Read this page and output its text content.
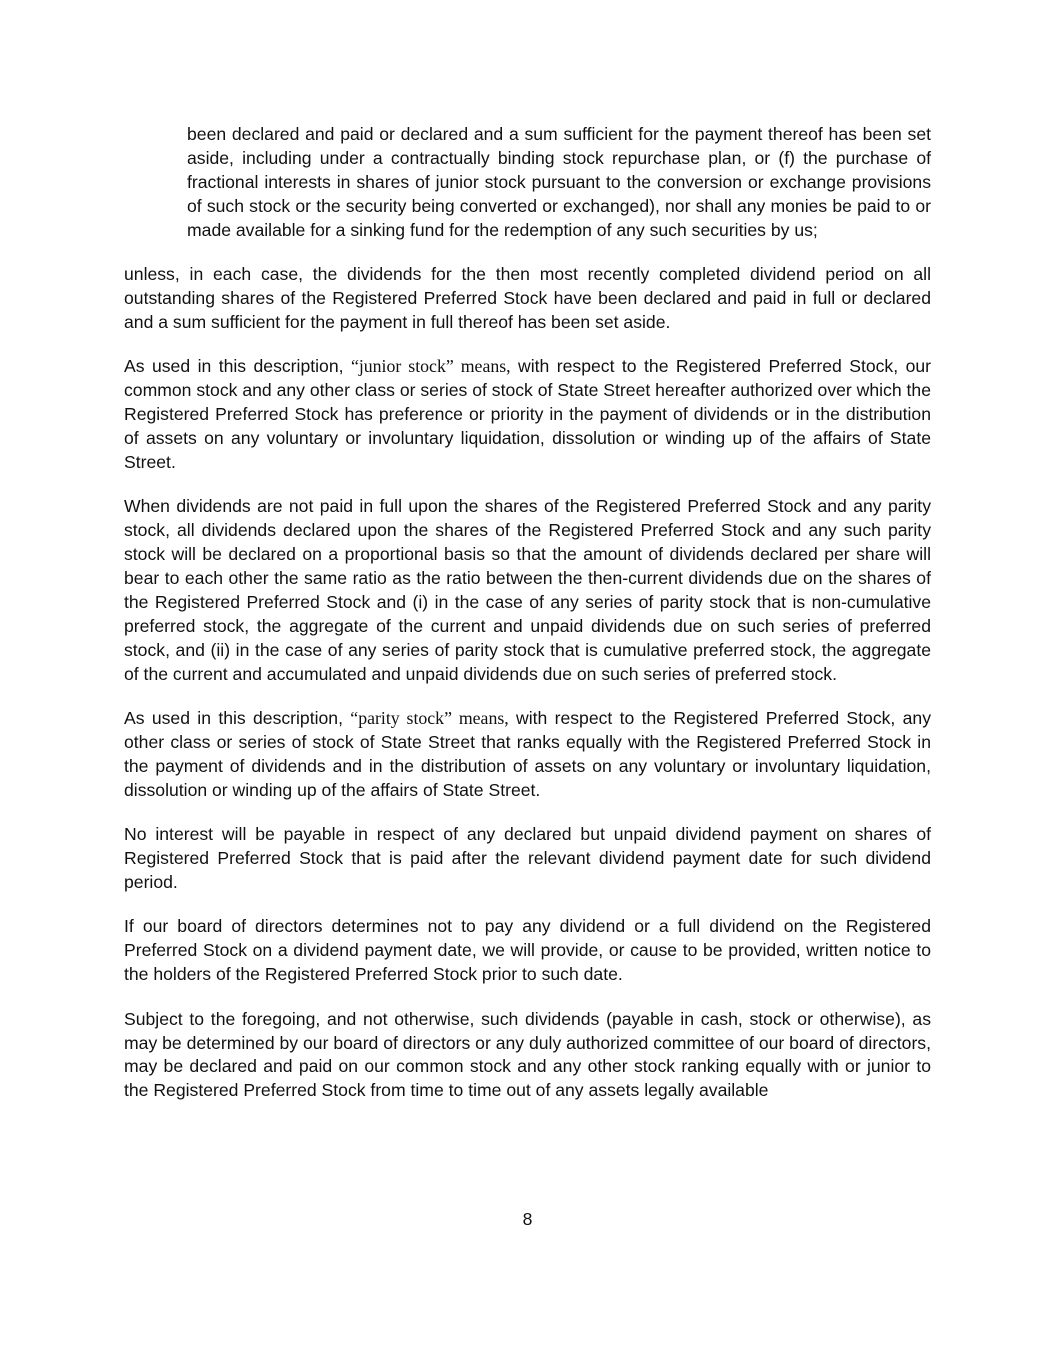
been declared and paid or declared and a sum sufficient for the payment thereof has been set aside, including under a contractually binding stock repurchase plan, or (f) the purchase of fractional interests in shares of junior stock pursuant to the conversion or exchange provisions of such stock or the security being converted or exchanged), nor shall any monies be paid to or made available for a sinking fund for the redemption of any such securities by us;

unless, in each case, the dividends for the then most recently completed dividend period on all outstanding shares of the Registered Preferred Stock have been declared and paid in full or declared and a sum sufficient for the payment in full thereof has been set aside.

As used in this description, “junior stock” means, with respect to the Registered Preferred Stock, our common stock and any other class or series of stock of State Street hereafter authorized over which the Registered Preferred Stock has preference or priority in the payment of dividends or in the distribution of assets on any voluntary or involuntary liquidation, dissolution or winding up of the affairs of State Street.

When dividends are not paid in full upon the shares of the Registered Preferred Stock and any parity stock, all dividends declared upon the shares of the Registered Preferred Stock and any such parity stock will be declared on a proportional basis so that the amount of dividends declared per share will bear to each other the same ratio as the ratio between the then-current dividends due on the shares of the Registered Preferred Stock and (i) in the case of any series of parity stock that is non-cumulative preferred stock, the aggregate of the current and unpaid dividends due on such series of preferred stock, and (ii) in the case of any series of parity stock that is cumulative preferred stock, the aggregate of the current and accumulated and unpaid dividends due on such series of preferred stock.

As used in this description, “parity stock” means, with respect to the Registered Preferred Stock, any other class or series of stock of State Street that ranks equally with the Registered Preferred Stock in the payment of dividends and in the distribution of assets on any voluntary or involuntary liquidation, dissolution or winding up of the affairs of State Street.

No interest will be payable in respect of any declared but unpaid dividend payment on shares of Registered Preferred Stock that is paid after the relevant dividend payment date for such dividend period.

If our board of directors determines not to pay any dividend or a full dividend on the Registered Preferred Stock on a dividend payment date, we will provide, or cause to be provided, written notice to the holders of the Registered Preferred Stock prior to such date.

Subject to the foregoing, and not otherwise, such dividends (payable in cash, stock or otherwise), as may be determined by our board of directors or any duly authorized committee of our board of directors, may be declared and paid on our common stock and any other stock ranking equally with or junior to the Registered Preferred Stock from time to time out of any assets legally available

8
